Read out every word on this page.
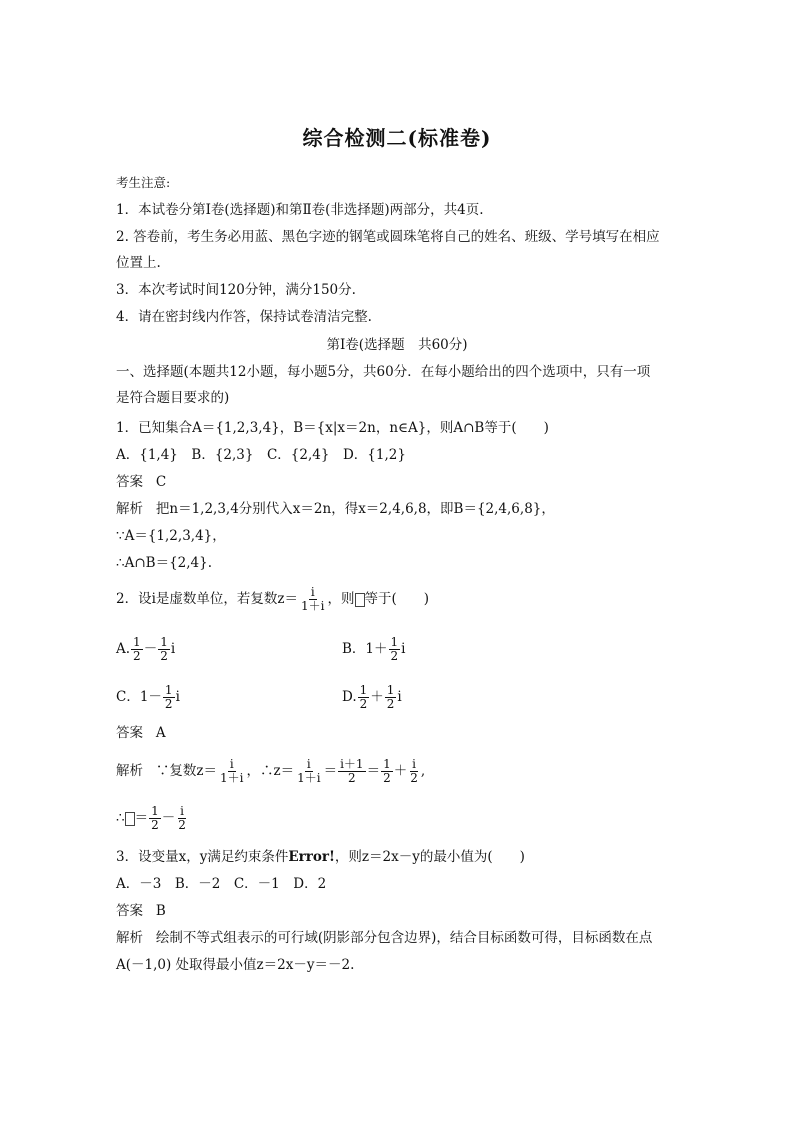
综合检测二(标准卷)
考生注意:
1．本试卷分第Ⅰ卷(选择题)和第Ⅱ卷(非选择题)两部分，共4页.
2. 答卷前，考生务必用蓝、黑色字迹的钢笔或圆珠笔将自己的姓名、班级、学号填写在相应
位置上.
3．本次考试时间120分钟，满分150分.
4．请在密封线内作答，保持试卷清洁完整.
第Ⅰ卷(选择题　共60分)
一、选择题(本题共12小题，每小题5分，共60分．在每小题给出的四个选项中，只有一项
是符合题目要求的)
1．已知集合A＝{1,2,3,4}，B＝{x|x＝2n，n∈A}，则A∩B等于(　　)
A．{1,4}　B．{2,3}　C．{2,4}　D．{1,2}
答案 C
解析 把n＝1,2,3,4分别代入x＝2n，得x＝2,4,6,8，即B＝{2,4,6,8}，
∵A＝{1,2,3,4}，
∴A∩B＝{2,4}.
2．设i是虚数单位，若复数$z= \frac{i}{1+i}$ ，则 等于(　　)
A. $\frac{1}{2} - \frac{1}{2}$ i	B．$1+ \frac{1}{2}$ i
C．$1- \frac{1}{2}$ i	D. $\frac{1}{2} + \frac{1}{2}$ i
答案 A
解析 ∵复数$z= \frac{i}{1+i}$ ，∴z＝ $\frac{i}{1+i} = \frac{i+1}{2} = \frac{1}{2} + \frac{i}{2}$ ,
∴ ＝ $\frac{1}{2} - \frac{i}{2}$
3．设变量x，y满足约束条件Error!，则z＝2x－y的最小值为(　　)
A．－3　B．－2　C．－1　D．2
答案 B
解析 绘制不等式组表示的可行域(阴影部分包含边界)，结合目标函数可得，目标函数在点
A(－1,0) 处取得最小值z＝2x－y＝－2.
